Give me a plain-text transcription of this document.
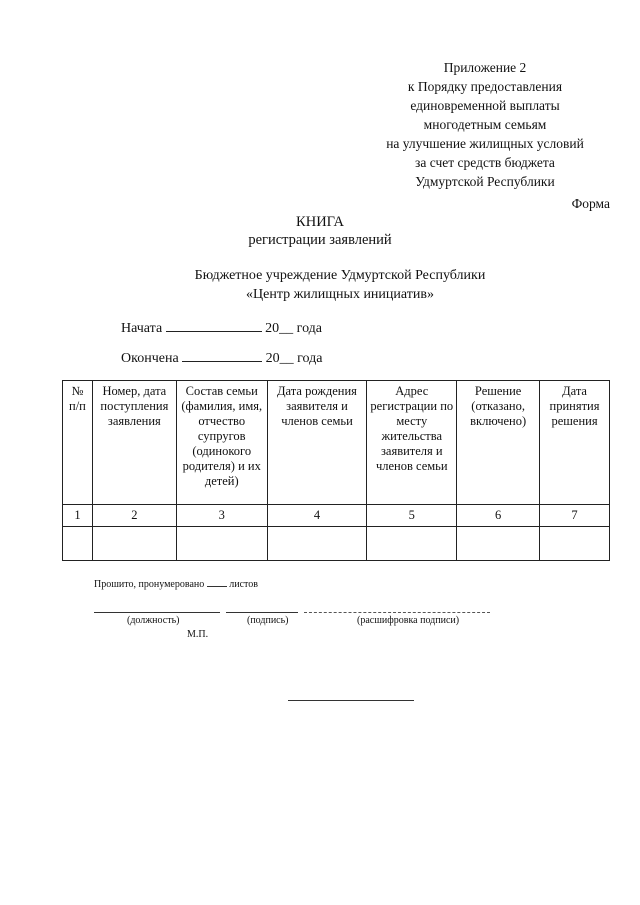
Приложение 2
к Порядку предоставления
единовременной выплаты
многодетным семьям
на улучшение жилищных условий
за счет средств бюджета
Удмуртской Республики
Форма
КНИГА
регистрации заявлений
Бюджетное учреждение Удмуртской Республики
«Центр жилищных инициатив»
Начата	20__ года
Окончена	20__ года
№ п/п	Номер, дата поступления заявления	Состав семьи (фамилия, имя, отчество супругов (одинокого родителя) и их детей)	Дата рождения заявителя и членов семьи	Адрес регистрации по месту жительства заявителя и членов семьи	Решение (отказано, включено)	Дата принятия решения
1	2	3	4	5	6	7

Прошито, пронумеровано	листов
(должность)	(подпись)	(расшифровка подписи)
М.П.
